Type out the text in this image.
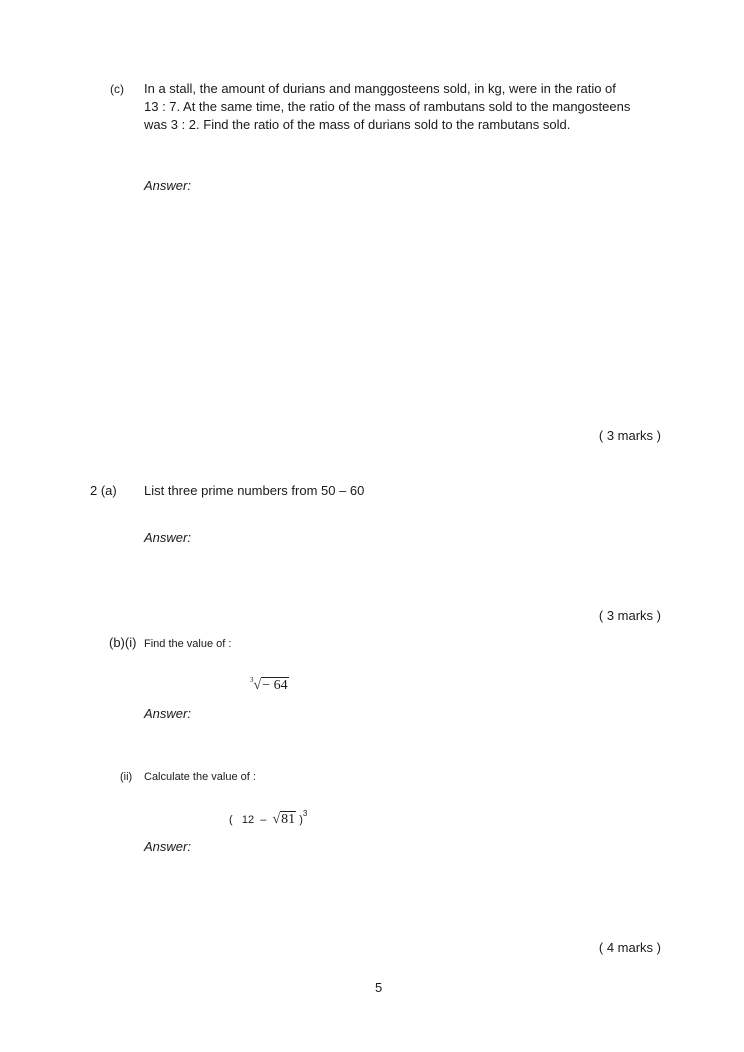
(c) In a stall, the amount of durians and manggosteens sold, in kg, were in the ratio of
13 : 7. At the same time, the ratio of the mass of rambutans sold to the mangosteens
was 3 : 2. Find the ratio of the mass of durians sold to the rambutans sold.
Answer:
( 3 marks )
2 (a) List three prime numbers from 50 – 60
Answer:
( 3 marks )
(b)(i) Find the value of :
$^3$√− 64
Answer:
(ii) Calculate the value of :
( 12 – √81 )$^3$
Answer:
( 4 marks )
5
